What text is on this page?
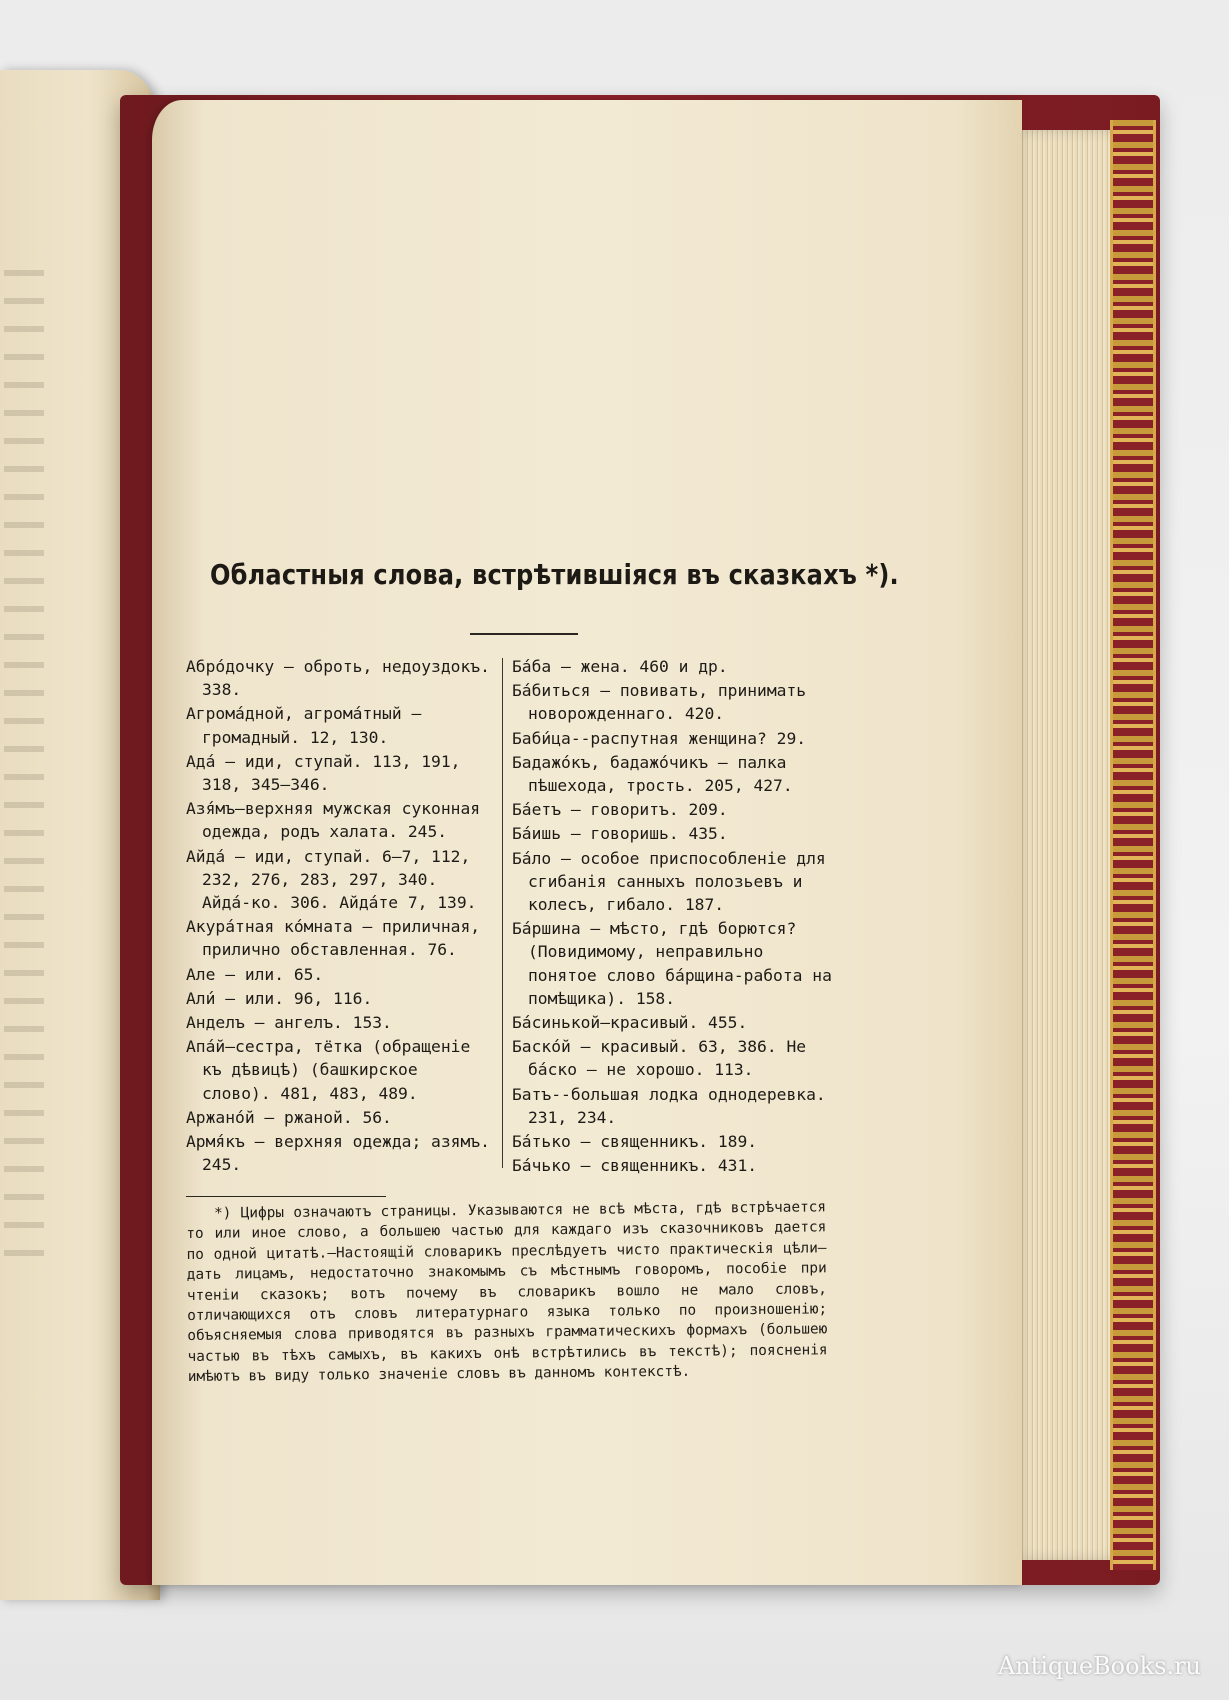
Областныя слова, встрѣтившіяся въ сказкахъ *).
Абро́дочку — оброть, недоуздокъ. 338.
Агрома́дной, агрома́тный — громадный. 12, 130.
Ада́ — иди, ступай. 113, 191, 318, 345—346.
Азя́мъ—верхняя мужская суконная одежда, родъ халата. 245.
Айда́ — иди, ступай. 6—7, 112, 232, 276, 283, 297, 340. Айда́-ко. 306. Айда́те 7, 139.
Акура́тная ко́мната — приличная, прилично обставленная. 76.
Але — или. 65.
Али́ — или. 96, 116.
Анделъ — ангелъ. 153.
Апа́й—сестра, тётка (обращеніе къ дѣвицѣ) (башкирское слово). 481, 483, 489.
Аржано́й — ржаной. 56.
Армя́къ — верхняя одежда; азямъ. 245.
Ба́ба — жена. 460 и др.
Ба́биться — повивать, принимать новорожденнаго. 420.
Баби́ца--распутная женщина? 29.
Бадажо́къ, бадажо́чикъ — палка пѣшехода, трость. 205, 427.
Ба́етъ — говоритъ. 209.
Ба́ишь — говоришь. 435.
Ба́ло — особое приспособленіе для сгибанія санныхъ полозьевъ и колесъ, гибало. 187.
Ба́ршина — мѣсто, гдѣ борются? (Повидимому, неправильно понятое слово ба́рщина-работа на помѣщика). 158.
Ба́синькой—красивый. 455.
Баско́й — красивый. 63, 386. Не ба́ско — не хорошо. 113.
Батъ--большая лодка однодеревка. 231, 234.
Ба́тько — священникъ. 189.
Ба́чько — священникъ. 431.

*) Цифры означаютъ страницы. Указываются не всѣ мѣста, гдѣ встрѣчается то или иное слово, а большею частью для каждаго изъ сказочниковъ дается по одной цитатѣ.—Настоящій словарикъ преслѣдуетъ чисто практическія цѣли—дать лицамъ, недостаточно знакомымъ съ мѣстнымъ говоромъ, пособіе при чтеніи сказокъ; вотъ почему въ словарикъ вошло не мало словъ, отличающихся отъ словъ литературнаго языка только по произношенію; объясняемыя слова приводятся въ разныхъ грамматическихъ формахъ (большею частью въ тѣхъ самыхъ, въ какихъ онѣ встрѣтились въ текстѣ); поясненія имѣютъ въ виду только значеніе словъ въ данномъ контекстѣ.

AntiqueBooks.ru
